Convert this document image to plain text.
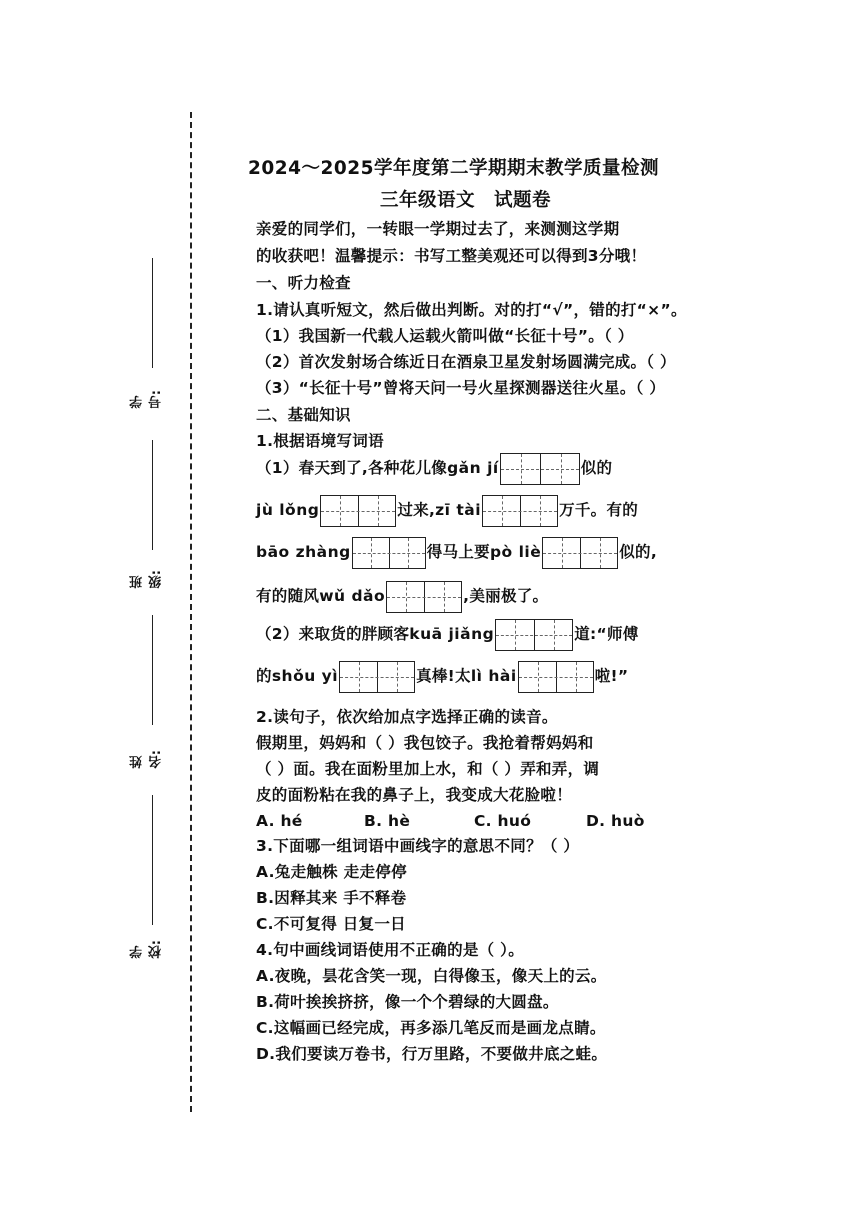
学号:
班级:
姓名:
学校:
2024～2025学年度第二学期期末教学质量检测
三年级语文　试题卷
亲爱的同学们，一转眼一学期过去了，来测测这学期
的收获吧！温馨提示：书写工整美观还可以得到3分哦！
一、听力检查
1.请认真听短文，然后做出判断。对的打“√”，错的打“×”。
（1）我国新一代载人运载火箭叫做“长征十号”。（ ）
（2）首次发射场合练近日在酒泉卫星发射场圆满完成。（ ）
（3）“长征十号”曾将天问一号火星探测器送往火星。（ ）
二、基础知识
1.根据语境写词语
（1）春天到了,各种花儿像gǎn jí	似的
jù lǒng	过来,zī tài	万千。有的
bāo zhàng	得马上要pò liè	似的,
有的随风wǔ dǎo	,美丽极了。
（2）来取货的胖顾客kuā jiǎng	道:“师傅
的shǒu yì	真棒!太lì hài	啦!”
2.读句子，依次给加点字选择正确的读音。
假期里，妈妈和（ ）我包饺子。我抢着帮妈妈和
（ ）面。我在面粉里加上水，和（ ）弄和弄，调
皮的面粉粘在我的鼻子上，我变成大花脸啦！
A. hé	B. hè	C. huó	D. huò
3.下面哪一组词语中画线字的意思不同？（ ）
A.兔走触株 走走停停
B.因释其来 手不释卷
C.不可复得 日复一日
4.句中画线词语使用不正确的是（ ）。
A.夜晚，昙花含笑一现，白得像玉，像天上的云。
B.荷叶挨挨挤挤，像一个个碧绿的大圆盘。
C.这幅画已经完成，再多添几笔反而是画龙点睛。
D.我们要读万卷书，行万里路，不要做井底之蛙。
